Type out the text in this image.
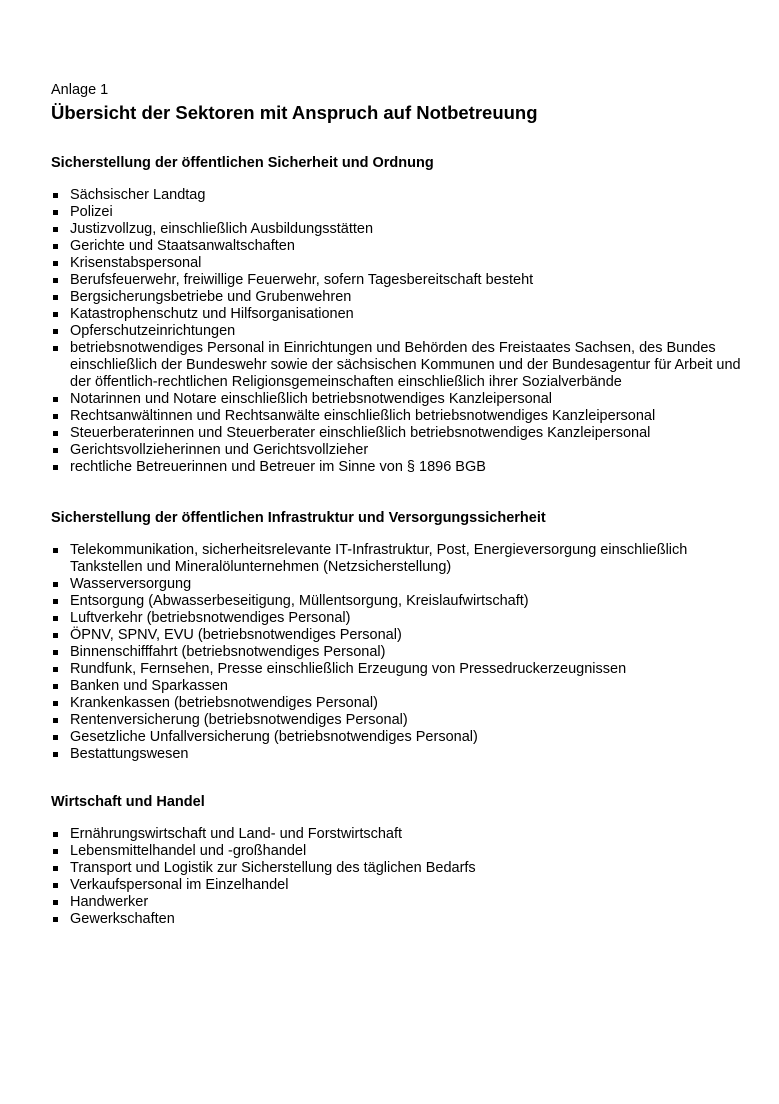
Anlage 1
Übersicht der Sektoren mit Anspruch auf Notbetreuung
Sicherstellung der öffentlichen Sicherheit und Ordnung
Sächsischer Landtag
Polizei
Justizvollzug, einschließlich Ausbildungsstätten
Gerichte und Staatsanwaltschaften
Krisenstabspersonal
Berufsfeuerwehr, freiwillige Feuerwehr, sofern Tagesbereitschaft besteht
Bergsicherungsbetriebe und Grubenwehren
Katastrophenschutz und Hilfsorganisationen
Opferschutzeinrichtungen
betriebsnotwendiges Personal in Einrichtungen und Behörden des Freistaates Sachsen, des Bundes einschließlich der Bundeswehr sowie der sächsischen Kommunen und der Bundesagentur für Arbeit und der öffentlich-rechtlichen Religionsgemeinschaften einschließlich ihrer Sozialverbände
Notarinnen und Notare einschließlich betriebsnotwendiges Kanzleipersonal
Rechtsanwältinnen und Rechtsanwälte einschließlich betriebsnotwendiges Kanzleipersonal
Steuerberaterinnen und Steuerberater einschließlich betriebsnotwendiges Kanzleipersonal
Gerichtsvollzieherinnen und Gerichtsvollzieher
rechtliche Betreuerinnen und Betreuer im Sinne von § 1896 BGB
Sicherstellung der öffentlichen Infrastruktur und Versorgungssicherheit
Telekommunikation, sicherheitsrelevante IT-Infrastruktur, Post, Energieversorgung einschließlich Tankstellen und Mineralölunternehmen (Netzsicherstellung)
Wasserversorgung
Entsorgung (Abwasserbeseitigung, Müllentsorgung, Kreislaufwirtschaft)
Luftverkehr (betriebsnotwendiges Personal)
ÖPNV, SPNV, EVU (betriebsnotwendiges Personal)
Binnenschifffahrt (betriebsnotwendiges Personal)
Rundfunk, Fernsehen, Presse einschließlich Erzeugung von Pressedruckerzeugnissen
Banken und Sparkassen
Krankenkassen (betriebsnotwendiges Personal)
Rentenversicherung (betriebsnotwendiges Personal)
Gesetzliche Unfallversicherung (betriebsnotwendiges Personal)
Bestattungswesen
Wirtschaft und Handel
Ernährungswirtschaft und Land- und Forstwirtschaft
Lebensmittelhandel und -großhandel
Transport und Logistik zur Sicherstellung des täglichen Bedarfs
Verkaufspersonal im Einzelhandel
Handwerker
Gewerkschaften
